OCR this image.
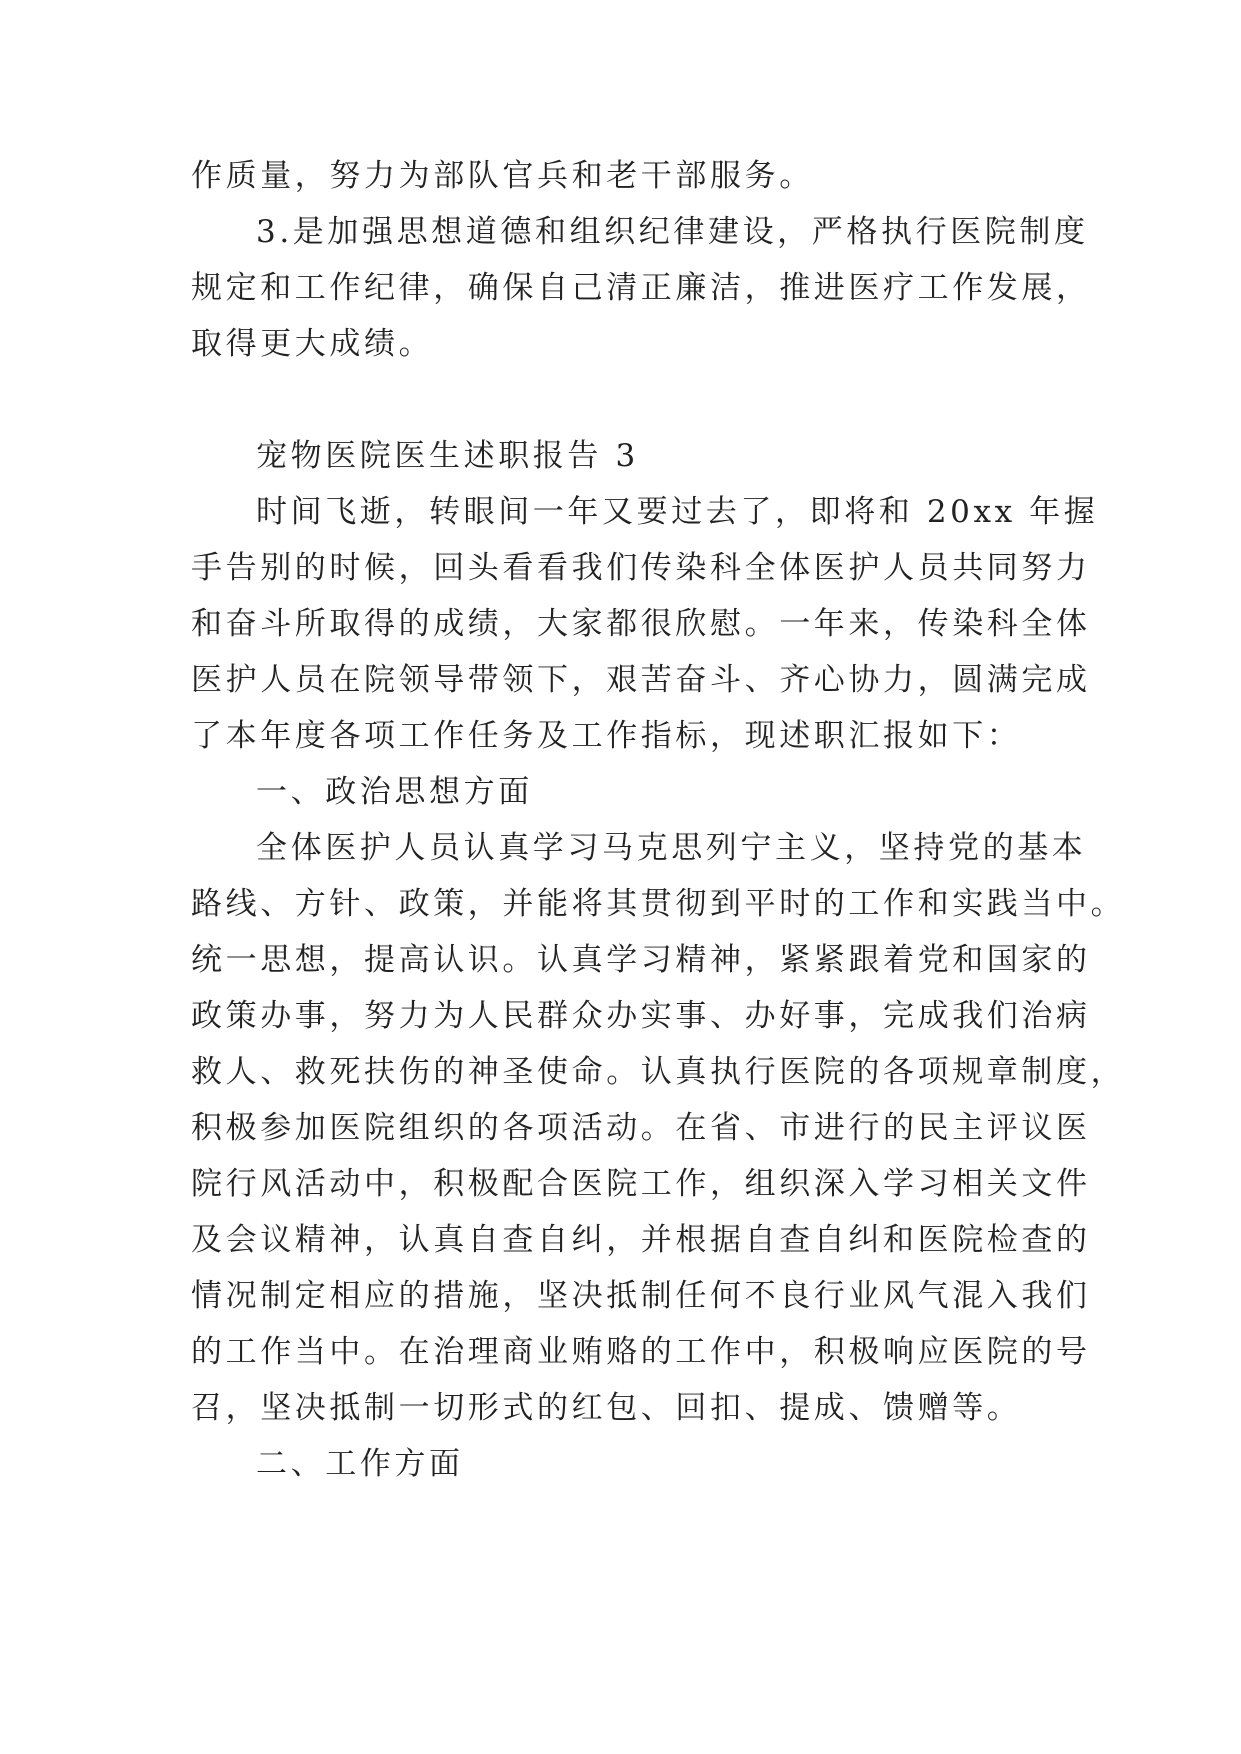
作质量，努力为部队官兵和老干部服务。
3.是加强思想道德和组织纪律建设，严格执行医院制度
规定和工作纪律，确保自己清正廉洁，推进医疗工作发展，
取得更大成绩。
宠物医院医生述职报告 3
时间飞逝，转眼间一年又要过去了，即将和 20xx 年握
手告别的时候，回头看看我们传染科全体医护人员共同努力
和奋斗所取得的成绩，大家都很欣慰。一年来，传染科全体
医护人员在院领导带领下，艰苦奋斗、齐心协力，圆满完成
了本年度各项工作任务及工作指标，现述职汇报如下：
一、政治思想方面
全体医护人员认真学习马克思列宁主义，坚持党的基本
路线、方针、政策，并能将其贯彻到平时的工作和实践当中。
统一思想，提高认识。认真学习精神，紧紧跟着党和国家的
政策办事，努力为人民群众办实事、办好事，完成我们治病
救人、救死扶伤的神圣使命。认真执行医院的各项规章制度，
积极参加医院组织的各项活动。在省、市进行的民主评议医
院行风活动中，积极配合医院工作，组织深入学习相关文件
及会议精神，认真自查自纠，并根据自查自纠和医院检查的
情况制定相应的措施，坚决抵制任何不良行业风气混入我们
的工作当中。在治理商业贿赂的工作中，积极响应医院的号
召，坚决抵制一切形式的红包、回扣、提成、馈赠等。
二、工作方面
